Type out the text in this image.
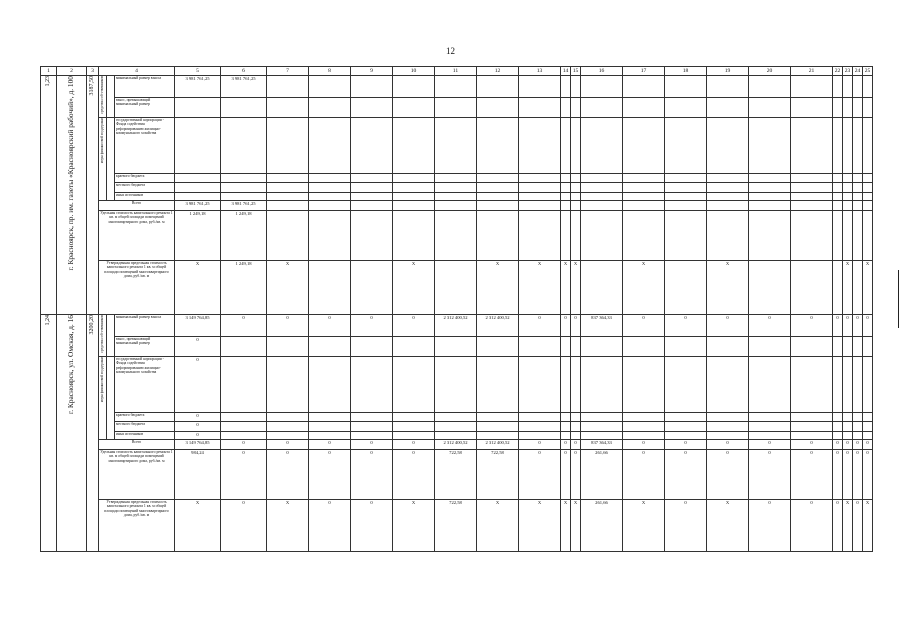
12
1	2	3	4			5	6	7	8	9	10	11	12	13	14	15	16	17	18	19	20	21	22	23	24	25
1,23	г. Красноярск, пр. им. газеты «Красноярский рабочий», д. 100	3187,50	средства соб-ственников		минимальный размер взноса	3 981 761,25	3 981 761,25																			
					взнос, превышающий минимальный размер																					
			меры финансовой поддержки		государственной корпорации - Фонда содействия реформированию жилищно-коммунального хозяйства																					
					краевого бюджета																					
					местного бюджета																					
					иных источников																					
			Всего			3 981 761,25	3 981 761,25																			
			Удельная стоимость капитального ремонта 1 кв. м общей площади помещений многоквартирного дома, руб./кв. м			1 249,18	1 249,18																			
			Утвержденная предельная стоимость капитального ремонта 1 кв. м общей площади помещений многоквартирного дома, руб./кв. м			X	1 249,18	X			X		X	X	X	X		X		X				X		X
1,24	г. Красноярск, ул. Омская, д. 16	3200,20	средства соб-ственников		минимальный размер взноса	3 149 764,85	0	0	0	0	0	2 312 400,52	2 312 400,52	0	0	0	837 364,33	0	0	0	0	0	0	0	0	0
					взнос, превышающий минимальный размер	0																				
			меры финансовой поддержки		государственной корпорации - Фонда содействия реформированию жилищно-коммунального хозяйства	0																				
					краевого бюджета	0																				
					местного бюджета	0																				
					иных источников	0																				
			Всего			3 149 764,85	0	0	0	0	0	2 312 400,52	2 312 400,52	0	0	0	837 364,33	0	0	0	0	0	0	0	0	0
			Удельная стоимость капитального ремонта 1 кв. м общей площади помещений многоквартирного дома, руб./кв. м			984,24	0	0	0	0	0	722,58	722,58	0	0	0	261,66	0	0	0	0	0	0	0	0	0
			Утвержденная предельная стоимость капитального ремонта 1 кв. м общей площади помещений многоквартирного дома, руб./кв. м			X	0	X	0	0	X	722,58	X	X	X	X	261,66	X	0	X	0	0	0	X	0	X
